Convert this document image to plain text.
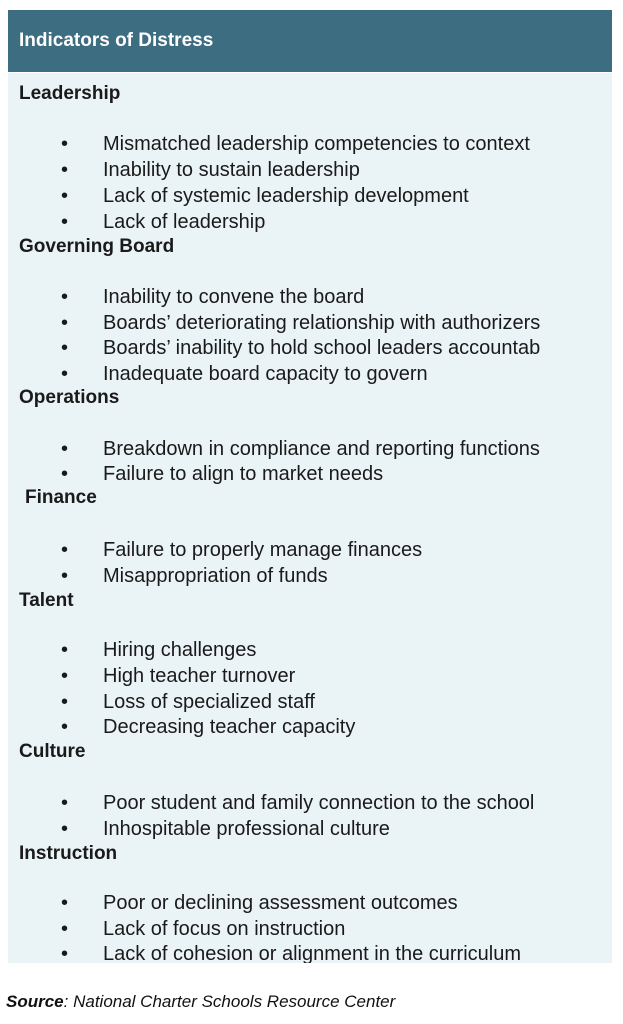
Indicators of Distress
Leadership
• Mismatched leadership competencies to context
• Inability to sustain leadership
• Lack of systemic leadership development
• Lack of leadership
Governing Board
• Inability to convene the board
• Boards’ deteriorating relationship with authorizers
• Boards’ inability to hold school leaders accountab
• Inadequate board capacity to govern
Operations
• Breakdown in compliance and reporting functions
• Failure to align to market needs
Finance
• Failure to properly manage finances
• Misappropriation of funds
Talent
• Hiring challenges
• High teacher turnover
• Loss of specialized staff
• Decreasing teacher capacity
Culture
• Poor student and family connection to the school
• Inhospitable professional culture
Instruction
• Poor or declining assessment outcomes
• Lack of focus on instruction
• Lack of cohesion or alignment in the curriculum
Source: National Charter Schools Resource Center
